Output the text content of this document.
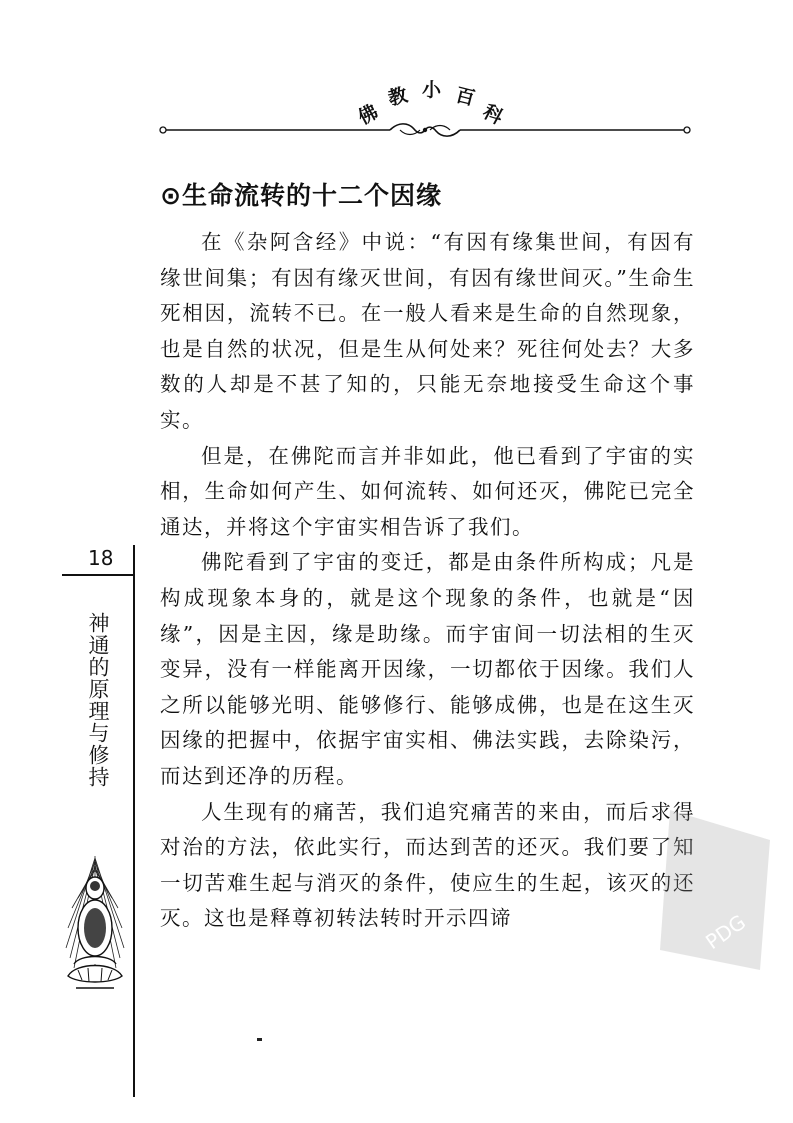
佛
教 小 百
科
18
神通的原理与修持
⊙生命流转的十二个因缘

在《杂阿含经》中说：“有因有缘集世间，有因有缘世间集；有因有缘灭世间，有因有缘世间灭。”生命生死相因，流转不已。在一般人看来是生命的自然现象，也是自然的状况，但是生从何处来？死往何处去？大多数的人却是不甚了知的，只能无奈地接受生命这个事实。

但是，在佛陀而言并非如此，他已看到了宇宙的实相，生命如何产生、如何流转、如何还灭，佛陀已完全通达，并将这个宇宙实相告诉了我们。

佛陀看到了宇宙的变迁，都是由条件所构成；凡是构成现象本身的，就是这个现象的条件，也就是“因缘”，因是主因，缘是助缘。而宇宙间一切法相的生灭变异，没有一样能离开因缘，一切都依于因缘。我们人之所以能够光明、能够修行、能够成佛，也是在这生灭因缘的把握中，依据宇宙实相、佛法实践，去除染污，而达到还净的历程。

人生现有的痛苦，我们追究痛苦的来由，而后求得对治的方法，依此实行，而达到苦的还灭。我们要了知一切苦难生起与消灭的条件，使应生的生起，该灭的还灭。这也是释尊初转法转时开示四谛	PDG
